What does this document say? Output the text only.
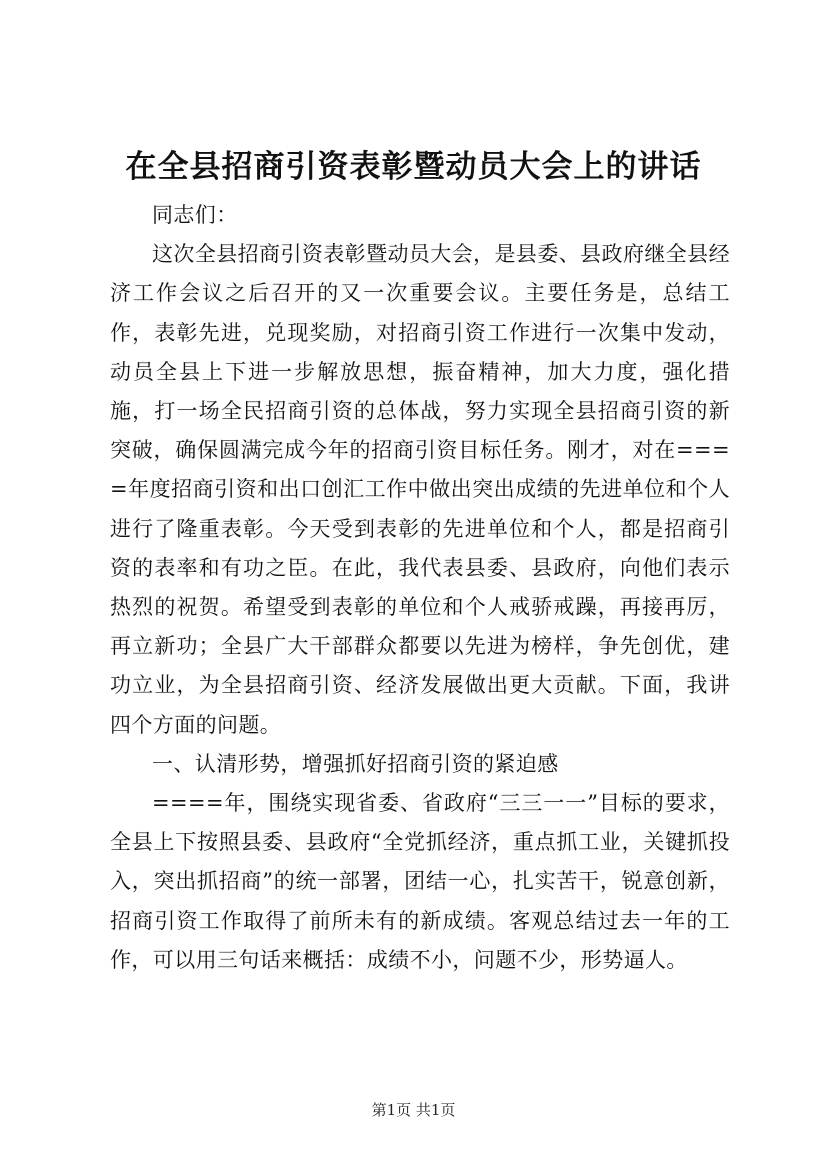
在全县招商引资表彰暨动员大会上的讲话

同志们：

这次全县招商引资表彰暨动员大会，是县委、县政府继全县经济工作会议之后召开的又一次重要会议。主要任务是，总结工作，表彰先进，兑现奖励，对招商引资工作进行一次集中发动，动员全县上下进一步解放思想，振奋精神，加大力度，强化措施，打一场全民招商引资的总体战，努力实现全县招商引资的新突破，确保圆满完成今年的招商引资目标任务。刚才，对在====年度招商引资和出口创汇工作中做出突出成绩的先进单位和个人进行了隆重表彰。今天受到表彰的先进单位和个人，都是招商引资的表率和有功之臣。在此，我代表县委、县政府，向他们表示热烈的祝贺。希望受到表彰的单位和个人戒骄戒躁，再接再厉，再立新功；全县广大干部群众都要以先进为榜样，争先创优，建功立业，为全县招商引资、经济发展做出更大贡献。下面，我讲四个方面的问题。

一、认清形势，增强抓好招商引资的紧迫感

====年，围绕实现省委、省政府“三三一一”目标的要求，全县上下按照县委、县政府“全党抓经济，重点抓工业，关键抓投入，突出抓招商”的统一部署，团结一心，扎实苦干，锐意创新，招商引资工作取得了前所未有的新成绩。客观总结过去一年的工作，可以用三句话来概括：成绩不小，问题不少，形势逼人。

第1页 共1页
